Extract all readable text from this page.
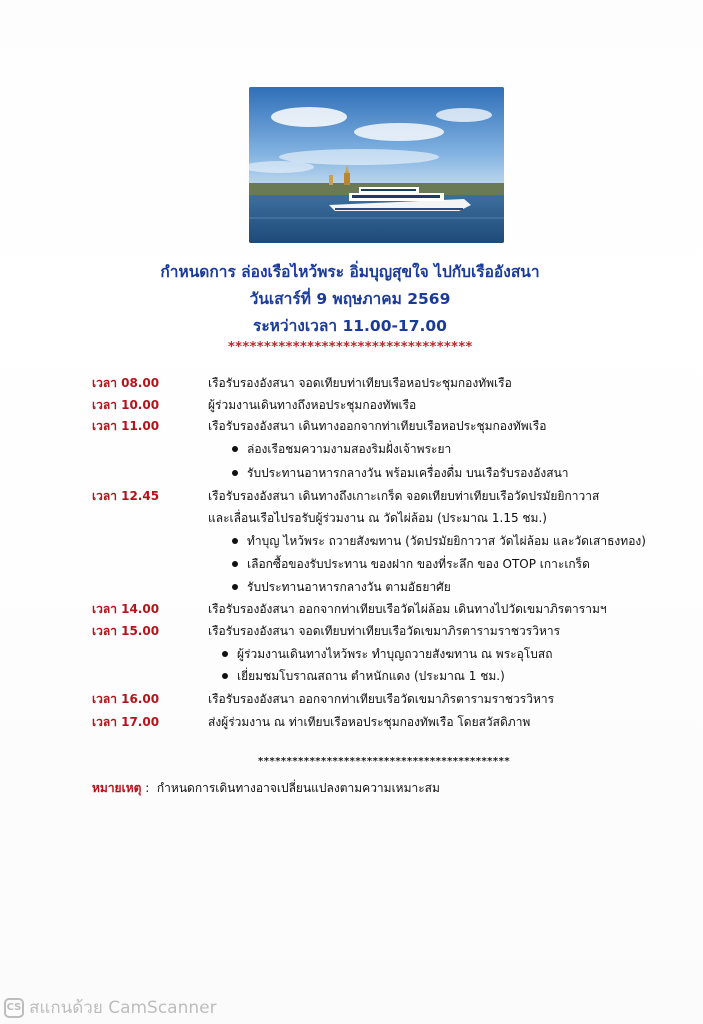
กำหนดการ ล่องเรือไหว้พระ อิ่มบุญสุขใจ ไปกับเรืออังสนา
วันเสาร์ที่ 9 พฤษภาคม 2569
ระหว่างเวลา 11.00-17.00
**********************************
เวลา 08.00	เรือรับรองอังสนา จอดเทียบท่าเทียบเรือหอประชุมกองทัพเรือ
เวลา 10.00	ผู้ร่วมงานเดินทางถึงหอประชุมกองทัพเรือ
เวลา 11.00	เรือรับรองอังสนา เดินทางออกจากท่าเทียบเรือหอประชุมกองทัพเรือ
ล่องเรือชมความงามสองริมฝั่งเจ้าพระยา
รับประทานอาหารกลางวัน พร้อมเครื่องดื่ม บนเรือรับรองอังสนา
เวลา 12.45	เรือรับรองอังสนา เดินทางถึงเกาะเกร็ด จอดเทียบท่าเทียบเรือวัดปรมัยยิกาวาส
และเลื่อนเรือไปรอรับผู้ร่วมงาน ณ วัดไผ่ล้อม (ประมาณ 1.15 ชม.)
ทำบุญ ไหว้พระ ถวายสังฆทาน (วัดปรมัยยิกาวาส วัดไผ่ล้อม และวัดเสาธงทอง)
เลือกซื้อของรับประทาน ของฝาก ของที่ระลึก ของ OTOP เกาะเกร็ด
รับประทานอาหารกลางวัน ตามอัธยาศัย
เวลา 14.00	เรือรับรองอังสนา ออกจากท่าเทียบเรือวัดไผ่ล้อม เดินทางไปวัดเขมาภิรตารามฯ
เวลา 15.00	เรือรับรองอังสนา จอดเทียบท่าเทียบเรือวัดเขมาภิรตารามราชวรวิหาร
ผู้ร่วมงานเดินทางไหว้พระ ทำบุญถวายสังฆทาน ณ พระอุโบสถ
เยี่ยมชมโบราณสถาน ตำหนักแดง (ประมาณ 1 ชม.)
เวลา 16.00	เรือรับรองอังสนา ออกจากท่าเทียบเรือวัดเขมาภิรตารามราชวรวิหาร
เวลา 17.00	ส่งผู้ร่วมงาน ณ ท่าเทียบเรือหอประชุมกองทัพเรือ โดยสวัสดิภาพ
********************************************
หมายเหตุ :  กำหนดการเดินทางอาจเปลี่ยนแปลงตามความเหมาะสม
CS สแกนด้วย CamScanner
